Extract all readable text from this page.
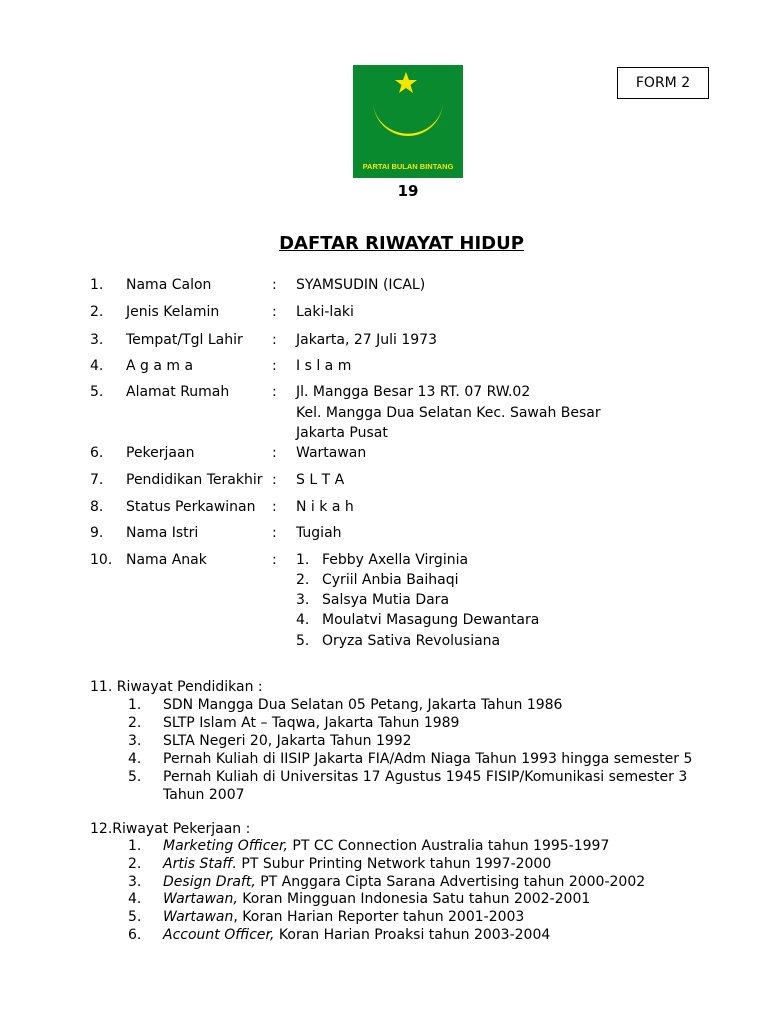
PARTAI BULAN BINTANG
19
FORM 2
DAFTAR RIWAYAT HIDUP
1. Nama Calon	: SYAMSUDIN (ICAL)
2. Jenis Kelamin	: Laki-laki
3. Tempat/Tgl Lahir : Jakarta, 27 Juli 1973
4. A g a m a	: I s l a m
5. Alamat Rumah	: Jl. Mangga Besar 13 RT. 07 RW.02
Kel. Mangga Dua Selatan Kec. Sawah Besar
Jakarta Pusat
6. Pekerjaan	: Wartawan
7. Pendidikan Terakhir : S L T A
8. Status Perkawinan : N i k a h
9. Nama Istri	: Tugiah
10. Nama Anak	: 1. Febby Axella Virginia
2. Cyriil Anbia Baihaqi
3. Salsya Mutia Dara
4. Moulatvi Masagung Dewantara
5. Oryza Sativa Revolusiana
11. Riwayat Pendidikan :
1. SDN Mangga Dua Selatan 05 Petang, Jakarta Tahun 1986
2. SLTP Islam At – Taqwa, Jakarta Tahun 1989
3. SLTA Negeri 20, Jakarta Tahun 1992
4. Pernah Kuliah di IISIP Jakarta FIA/Adm Niaga Tahun 1993 hingga semester 5
5. Pernah Kuliah di Universitas 17 Agustus 1945 FISIP/Komunikasi semester 3
Tahun 2007
12.Riwayat Pekerjaan :
1. Marketing Officer, PT CC Connection Australia tahun 1995-1997
2. Artis Staff. PT Subur Printing Network tahun 1997-2000
3. Design Draft, PT Anggara Cipta Sarana Advertising tahun 2000-2002
4. Wartawan, Koran Mingguan Indonesia Satu tahun 2002-2001
5. Wartawan, Koran Harian Reporter tahun 2001-2003
6. Account Officer, Koran Harian Proaksi tahun 2003-2004
